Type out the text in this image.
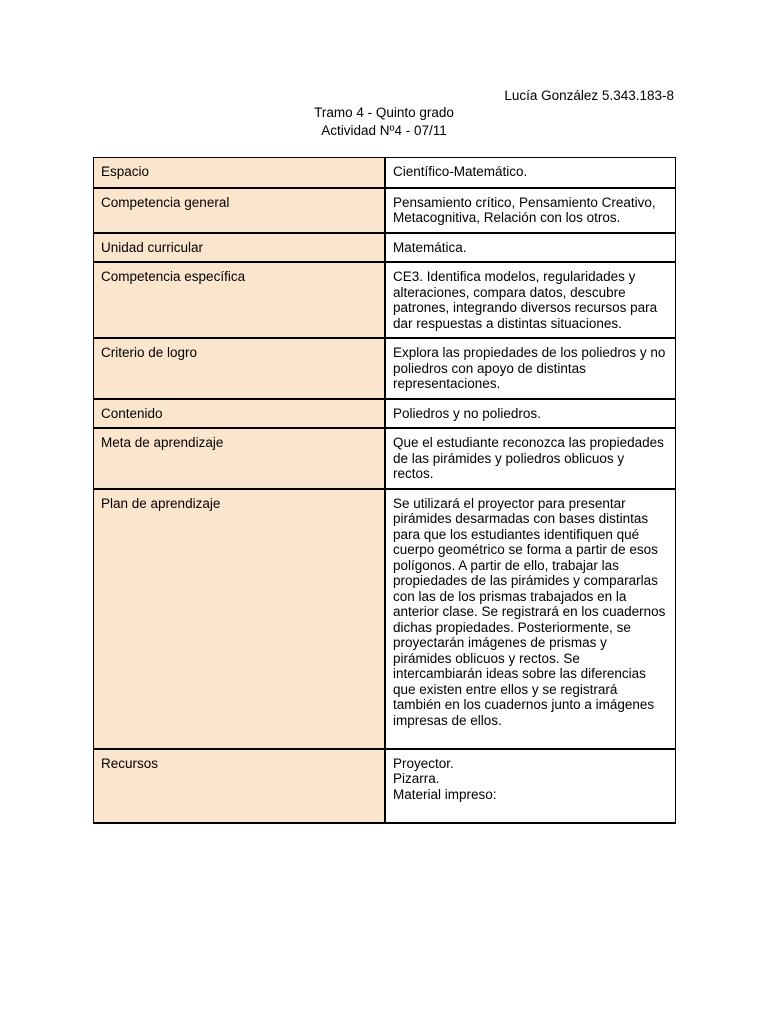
Lucía González 5.343.183-8
Tramo 4 - Quinto grado
Actividad Nº4 - 07/11
Espacio	Científico-Matemático.
Competencia general	Pensamiento crítico, Pensamiento Creativo, Metacognitiva, Relación con los otros.
Unidad curricular	Matemática.
Competencia específica	CE3. Identifica modelos, regularidades y alteraciones, compara datos, descubre patrones, integrando diversos recursos para dar respuestas a distintas situaciones.
Criterio de logro	Explora las propiedades de los poliedros y no poliedros con apoyo de distintas representaciones.
Contenido	Poliedros y no poliedros.
Meta de aprendizaje	Que el estudiante reconozca las propiedades de las pirámides y poliedros oblicuos y rectos.
Plan de aprendizaje	Se utilizará el proyector para presentar pirámides desarmadas con bases distintas para que los estudiantes identifiquen qué cuerpo geométrico se forma a partir de esos polígonos. A partir de ello, trabajar las propiedades de las pirámides y compararlas con las de los prismas trabajados en la anterior clase. Se registrará en los cuadernos dichas propiedades. Posteriormente, se proyectarán imágenes de prismas y pirámides oblicuos y rectos. Se intercambiarán ideas sobre las diferencias que existen entre ellos y se registrará también en los cuadernos junto a imágenes impresas de ellos.
Recursos	Proyector.
Pizarra.
Material impreso:
